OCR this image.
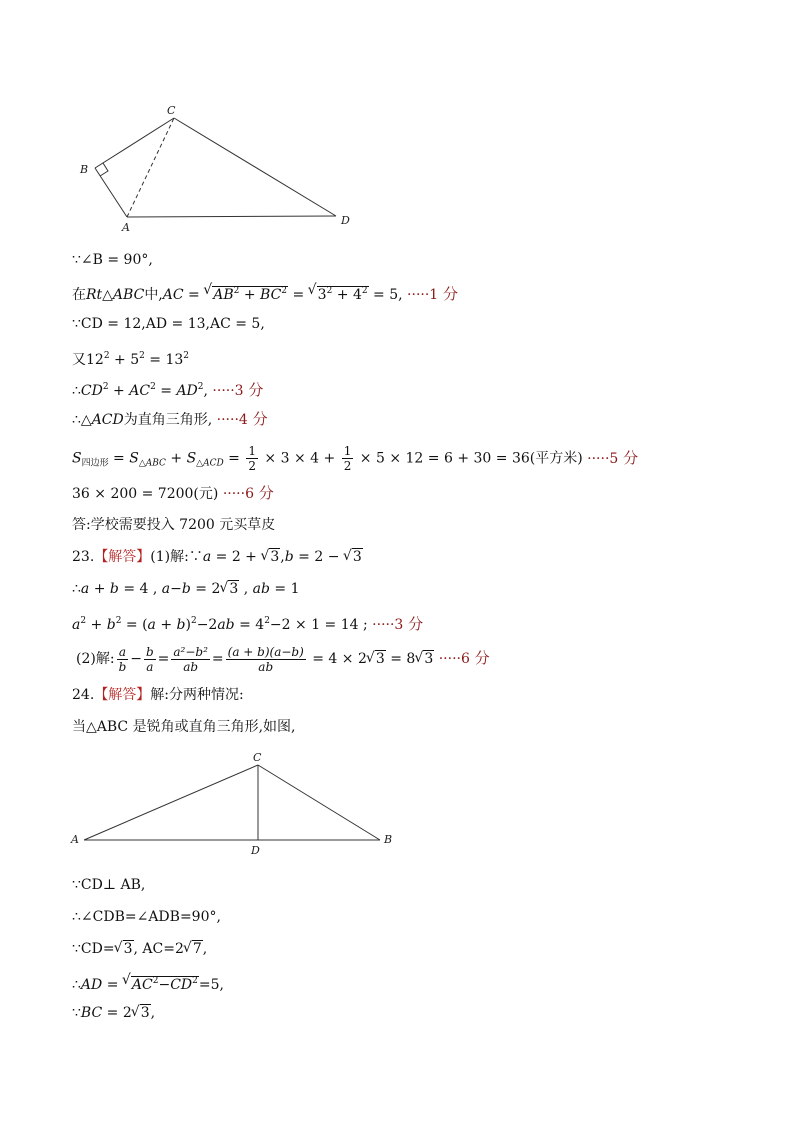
C
B
A
D
∵∠B = 90°,
在Rt△ABC中,AC = √ $AB^2 + BC^2$ = √ $3^2 + 4^2 = 5$, ·····1 分
∵CD = 12,AD = 13,AC = 5,
又$12^2 + 5^2 = 13^2$
$\therefore CD^2 + AC^2 = AD^2$, ·····3 分
∴△ACD为直角三角形, ·····4 分
$S_{四边形} = S_{\triangle ABC} + S_{\triangle ACD} = \frac{1}{2} \times 3 \times 4 + \frac{1}{2} \times 5 \times 12 = 6 + 30 = 36$(平方米) ·····5 分
36 × 200 = 7200(元) ·····6 分
答:学校需要投入 7200 元买草皮
23.【解答】(1)解:∵a = 2 + √ 3,b = 2 − √ 3
∴a + b = 4 , a−b = 2√ 3 , ab = 1
$a^2 + b^2 = (a + b)^2-2ab = 4^2-2 \times 1 = 14$ ; ·····3 分
(2)解: $\frac{a}{b} - \frac{b}{a} = \frac{\text{a²−b²}}{ab} = \frac{(a + b)(a-b)}{ab} = 4 \times 2√$ 3 = 8√ 3 ·····6 分
24.【解答】解:分两种情况:
当△ABC 是锐角或直角三角形,如图,
C
A
D
B
∵CD⊥ AB,
∴∠CDB=∠ADB=90°,
∵CD=√ 3, AC=2√ 7,
∴AD = √ $AC^2-CD^2=5$,
∵BC = 2√ 3,
